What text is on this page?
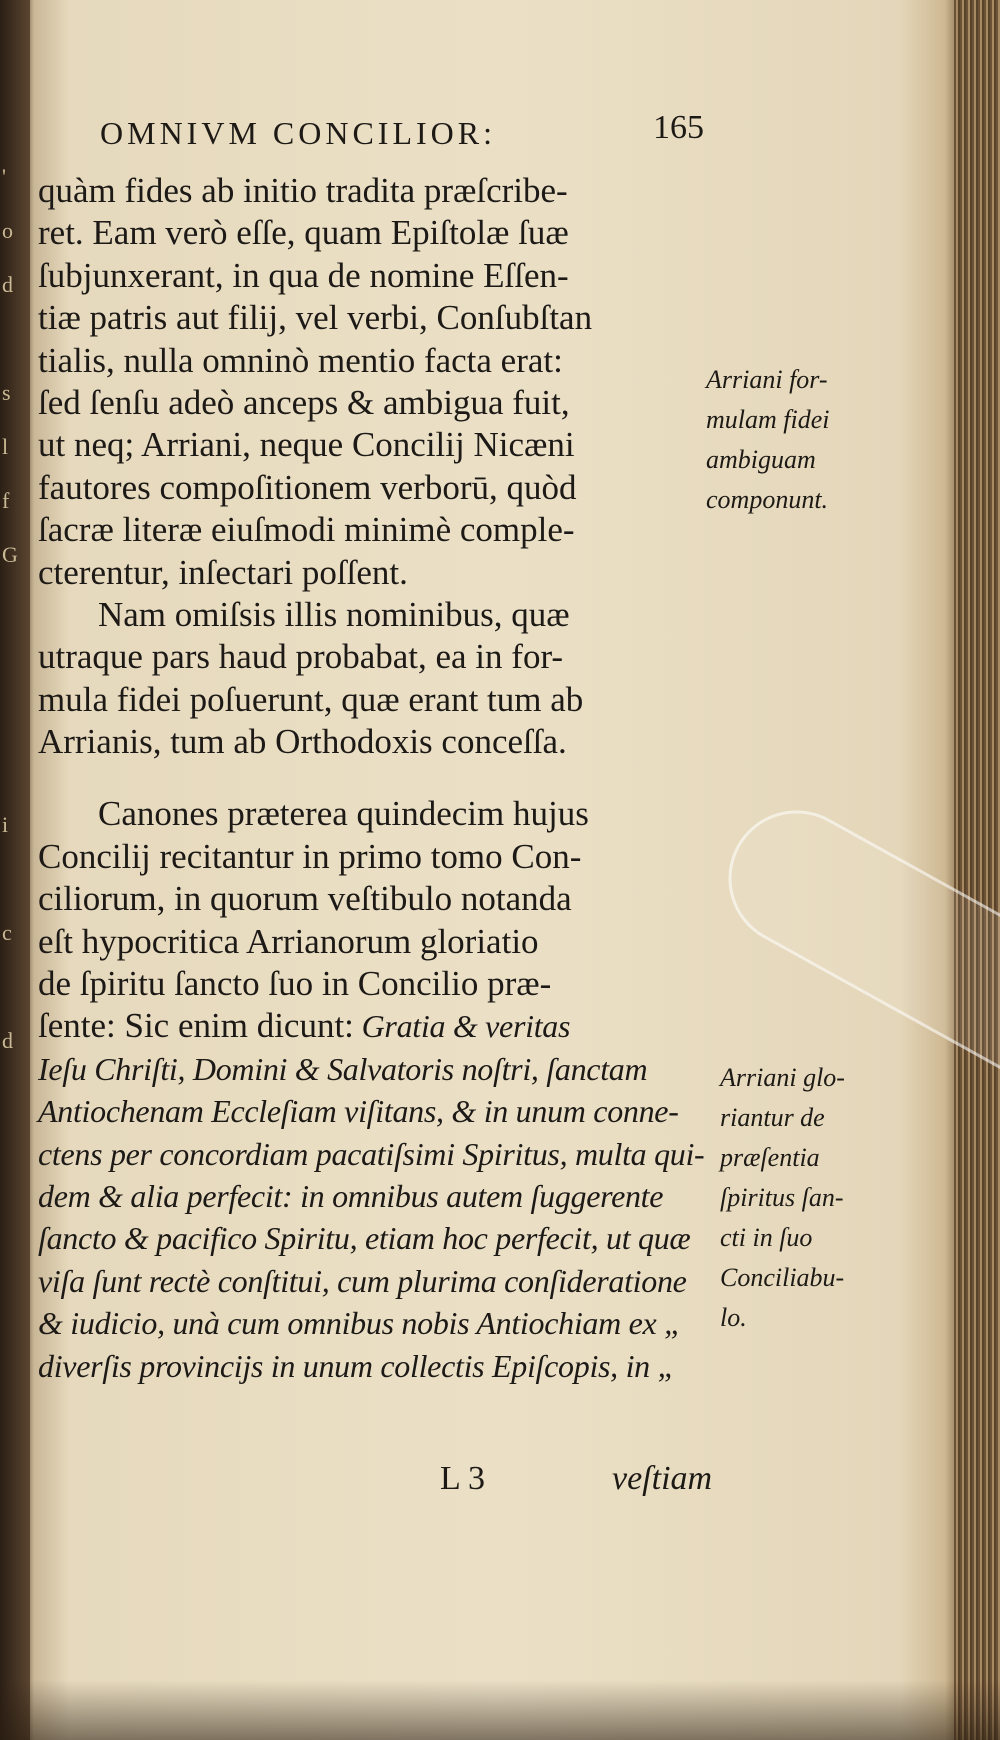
'
o
d

s
l
f
G

i

c

d

OMNIVM CONCILIOR:	165
quàm fides ab initio tradita præſcribe-
ret. Eam verò eſſe, quam Epiſtolæ ſuæ
ſubjunxerant, in qua de nomine Eſſen-
tiæ patris aut filij, vel verbi, Conſubſtan
tialis, nulla omninò mentio facta erat:
ſed ſenſu adeò anceps & ambigua fuit,
ut neq; Arriani, neque Concilij Nicæni
fautores compoſitionem verborū, quòd
ſacræ literæ eiuſmodi minimè comple-
cterentur, inſectari poſſent.
Nam omiſsis illis nominibus, quæ
utraque pars haud probabat, ea in for-
mula fidei poſuerunt, quæ erant tum ab
Arrianis, tum ab Orthodoxis conceſſa.
Canones præterea quindecim hujus
Concilij recitantur in primo tomo Con-
ciliorum, in quorum veſtibulo notanda
eſt hypocritica Arrianorum gloriatio
de ſpiritu ſancto ſuo in Concilio præ-
ſente: Sic enim dicunt: Gratia & veritas
Ieſu Chriſti, Domini & Salvatoris noſtri, ſanctam
Antiochenam Eccleſiam viſitans, & in unum conne-
ctens per concordiam pacatiſsimi Spiritus, multa qui-
dem & alia perfecit: in omnibus autem ſuggerente
ſancto & pacifico Spiritu, etiam hoc perfecit, ut quæ
viſa ſunt rectè conſtitui, cum plurima conſideratione
& iudicio, unà cum omnibus nobis Antiochiam ex „
diverſis provincijs in unum collectis Epiſcopis, in „
Arriani for-
mulam fidei
ambiguam
componunt.
Arriani glo-
riantur de
præſentia
ſpiritus ſan-
cti in ſuo
Conciliabu-
lo.
L 3	veſtiam
